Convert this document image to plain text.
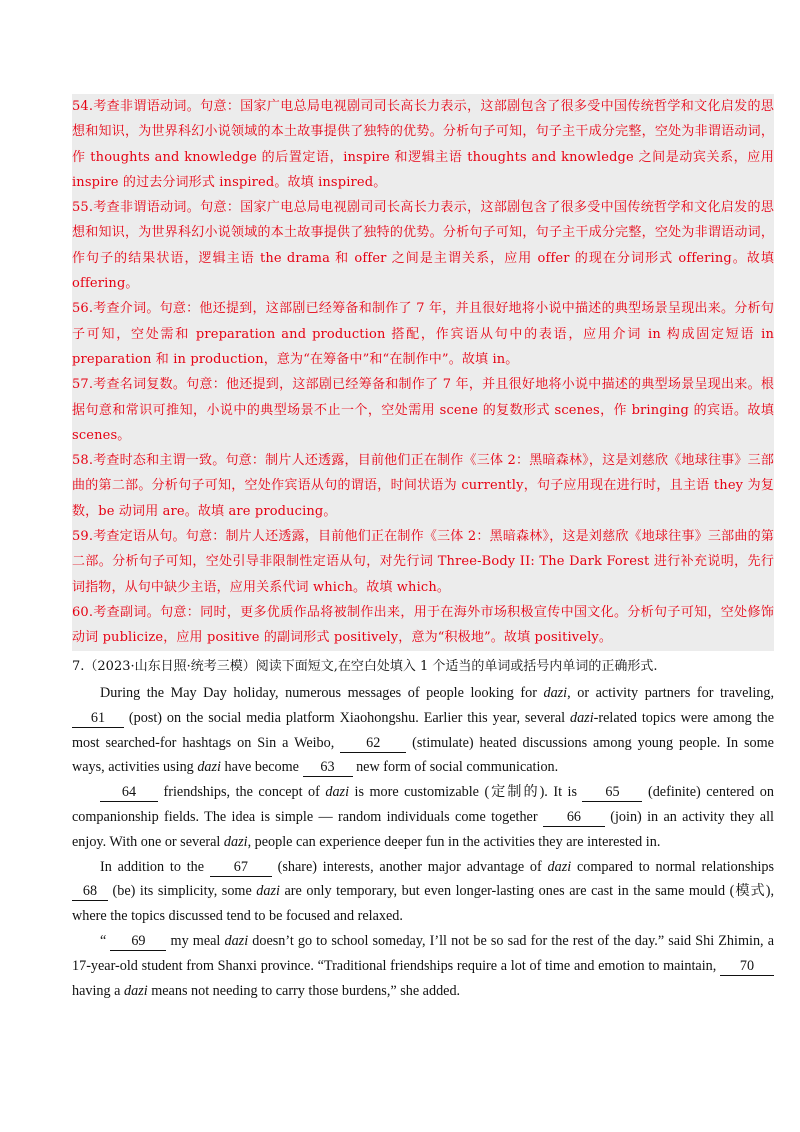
54.考查非谓语动词。句意：国家广电总局电视剧司司长高长力表示，这部剧包含了很多受中国传统哲学和文化启发的思想和知识，为世界科幻小说领域的本土故事提供了独特的优势。分析句子可知，句子主干成分完整，空处为非谓语动词，作 thoughts and knowledge 的后置定语，inspire 和逻辑主语 thoughts and knowledge 之间是动宾关系，应用 inspire 的过去分词形式 inspired。故填 inspired。

55.考查非谓语动词。句意：国家广电总局电视剧司司长高长力表示，这部剧包含了很多受中国传统哲学和文化启发的思想和知识，为世界科幻小说领域的本土故事提供了独特的优势。分析句子可知，句子主干成分完整，空处为非谓语动词，作句子的结果状语，逻辑主语 the drama 和 offer 之间是主谓关系，应用 offer 的现在分词形式 offering。故填 offering。

56.考查介词。句意：他还提到，这部剧已经筹备和制作了 7 年，并且很好地将小说中描述的典型场景呈现出来。分析句子可知，空处需和 preparation and production 搭配，作宾语从句中的表语，应用介词 in 构成固定短语 in preparation 和 in production，意为“在筹备中”和“在制作中”。故填 in。

57.考查名词复数。句意：他还提到，这部剧已经筹备和制作了 7 年，并且很好地将小说中描述的典型场景呈现出来。根据句意和常识可推知，小说中的典型场景不止一个，空处需用 scene 的复数形式 scenes，作 bringing 的宾语。故填 scenes。

58.考查时态和主谓一致。句意：制片人还透露，目前他们正在制作《三体 2：黑暗森林》，这是刘慈欣《地球往事》三部曲的第二部。分析句子可知，空处作宾语从句的谓语，时间状语为 currently，句子应用现在进行时，且主语 they 为复数，be 动词用 are。故填 are producing。

59.考查定语从句。句意：制片人还透露，目前他们正在制作《三体 2：黑暗森林》，这是刘慈欣《地球往事》三部曲的第二部。分析句子可知，空处引导非限制性定语从句，对先行词 Three-Body II: The Dark Forest 进行补充说明，先行词指物，从句中缺少主语，应用关系代词 which。故填 which。

60.考查副词。句意：同时，更多优质作品将被制作出来，用于在海外市场积极宣传中国文化。分析句子可知，空处修饰动词 publicize，应用 positive 的副词形式 positively，意为“积极地”。故填 positively。

7.（2023·山东日照·统考三模）阅读下面短文,在空白处填入 1 个适当的单词或括号内单词的正确形式.

During the May Day holiday, numerous messages of people looking for dazi, or activity partners for traveling, 61 (post) on the social media platform Xiaohongshu. Earlier this year, several dazi-related topics were among the most searched-for hashtags on Sin a Weibo, 62 (stimulate) heated discussions among young people. In some ways, activities using dazi have become 63 new form of social communication.

64 friendships, the concept of dazi is more customizable (定制的). It is 65 (definite) centered on companionship fields. The idea is simple — random individuals come together 66 (join) in an activity they all enjoy. With one or several dazi, people can experience deeper fun in the activities they are interested in.

In addition to the 67 (share) interests, another major advantage of dazi compared to normal relationships 68 (be) its simplicity, some dazi are only temporary, but even longer-lasting ones are cast in the same mould (模式), where the topics discussed tend to be focused and relaxed.

“ 69 my meal dazi doesn’t go to school someday, I’ll not be so sad for the rest of the day.” said Shi Zhimin, a 17-year-old student from Shanxi province. “Traditional friendships require a lot of time and emotion to maintain, 70 having a dazi means not needing to carry those burdens,” she added.
